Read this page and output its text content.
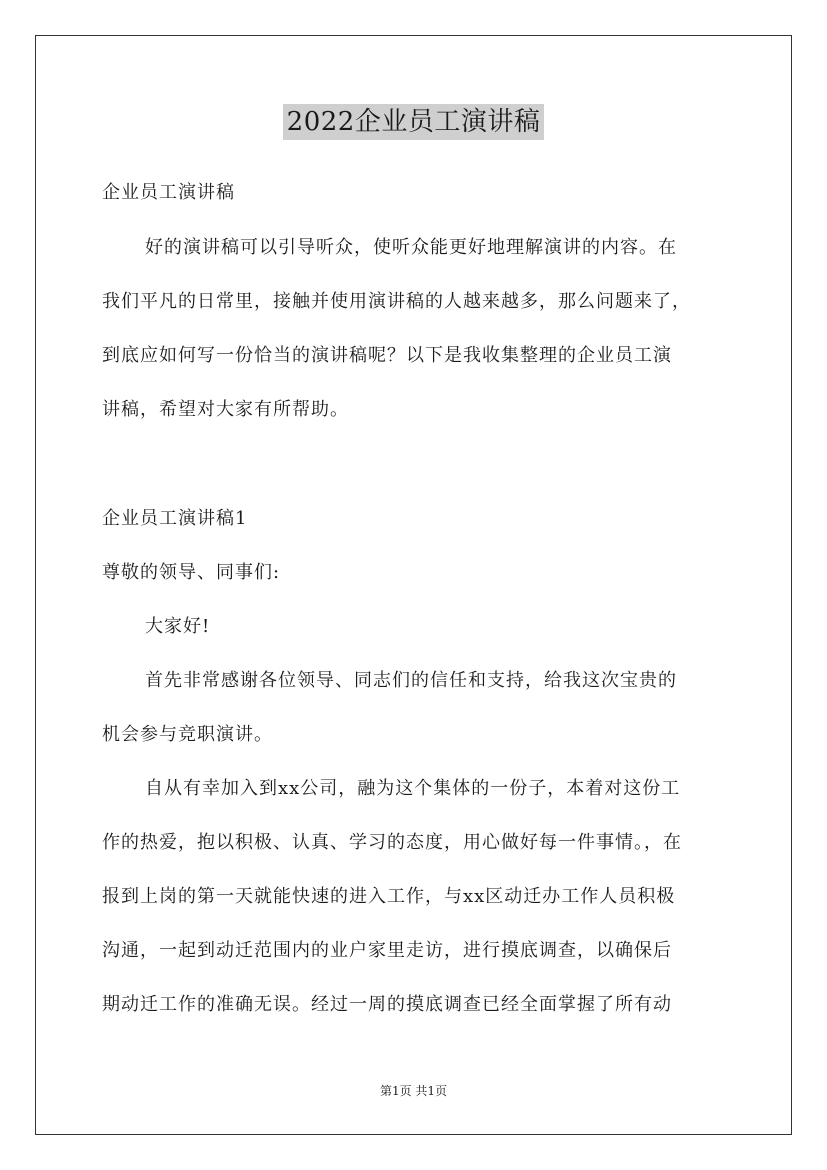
2022企业员工演讲稿
企业员工演讲稿
好的演讲稿可以引导听众，使听众能更好地理解演讲的内容。在
我们平凡的日常里，接触并使用演讲稿的人越来越多，那么问题来了，
到底应如何写一份恰当的演讲稿呢？以下是我收集整理的企业员工演
讲稿，希望对大家有所帮助。
企业员工演讲稿1
尊敬的领导、同事们:
大家好!
首先非常感谢各位领导、同志们的信任和支持，给我这次宝贵的
机会参与竞职演讲。
自从有幸加入到xx公司，融为这个集体的一份子，本着对这份工
作的热爱，抱以积极、认真、学习的态度，用心做好每一件事情。，在
报到上岗的第一天就能快速的进入工作，与xx区动迁办工作人员积极
沟通，一起到动迁范围内的业户家里走访，进行摸底调查，以确保后
期动迁工作的准确无误。经过一周的摸底调查已经全面掌握了所有动
第1页 共1页
